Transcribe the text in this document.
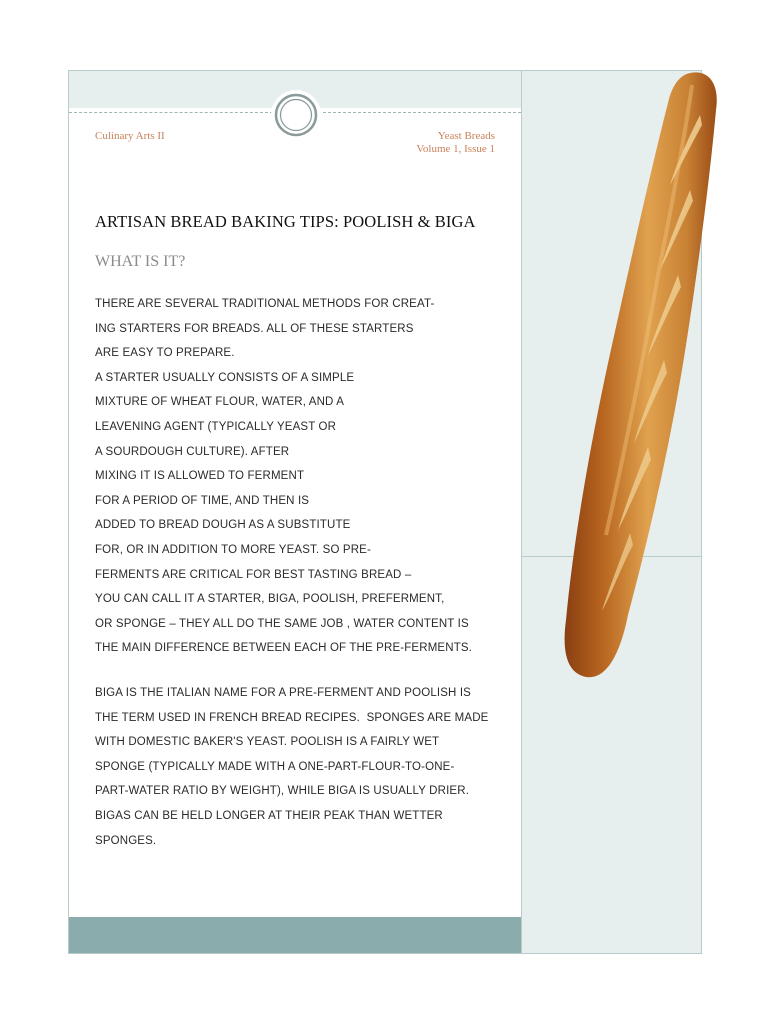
Culinary Arts II	Yeast Breads
Volume 1, Issue 1
ARTISAN BREAD BAKING TIPS: POOLISH & BIGA
WHAT IS IT?
THERE ARE SEVERAL TRADITIONAL METHODS FOR CREAT-
ING STARTERS FOR BREADS. ALL OF THESE STARTERS
ARE EASY TO PREPARE.
A STARTER USUALLY CONSISTS OF A SIMPLE
MIXTURE OF WHEAT FLOUR, WATER, AND A
LEAVENING AGENT (TYPICALLY YEAST OR
A SOURDOUGH CULTURE). AFTER
MIXING IT IS ALLOWED TO FERMENT
FOR A PERIOD OF TIME, AND THEN IS
ADDED TO BREAD DOUGH AS A SUBSTITUTE
FOR, OR IN ADDITION TO MORE YEAST. SO PRE-
FERMENTS ARE CRITICAL FOR BEST TASTING BREAD –
YOU CAN CALL IT A STARTER, BIGA, POOLISH, PREFERMENT,
OR SPONGE – THEY ALL DO THE SAME JOB , WATER CONTENT IS
THE MAIN DIFFERENCE BETWEEN EACH OF THE PRE-FERMENTS.
BIGA IS THE ITALIAN NAME FOR A PRE-FERMENT AND POOLISH IS
THE TERM USED IN FRENCH BREAD RECIPES.  SPONGES ARE MADE
WITH DOMESTIC BAKER'S YEAST. POOLISH IS A FAIRLY WET
SPONGE (TYPICALLY MADE WITH A ONE-PART-FLOUR-TO-ONE-
PART-WATER RATIO BY WEIGHT), WHILE BIGA IS USUALLY DRIER.
BIGAS CAN BE HELD LONGER AT THEIR PEAK THAN WETTER
SPONGES.
